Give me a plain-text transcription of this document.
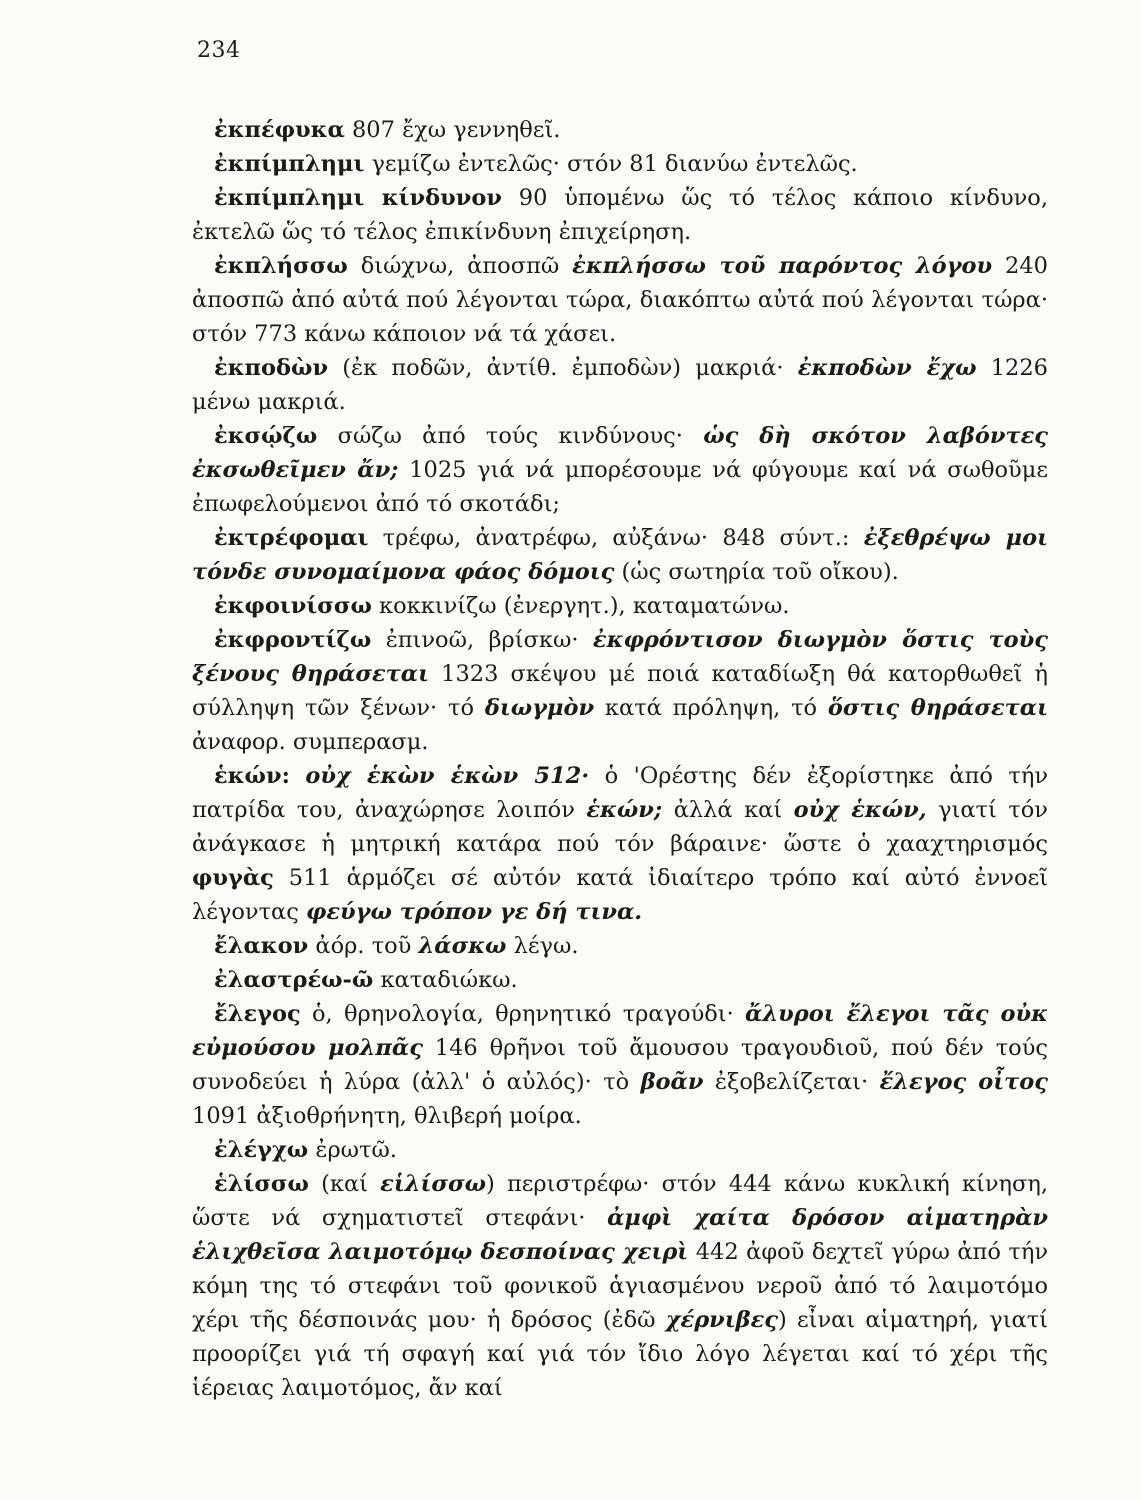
234

ἐκπέφυκα 807 ἔχω γεννηθεῖ.

ἐκπίμπλημι γεμίζω ἐντελῶς· στόν 81 διανύω ἐντελῶς.

ἐκπίμπλημι κίνδυνον 90 ὑπομένω ὥς τό τέλος κάποιο κίνδυνο, ἐκτελῶ ὥς τό τέλος ἐπικίνδυνη ἐπιχείρηση.

ἐκπλήσσω διώχνω, ἀποσπῶ ἐκπλήσσω τοῦ παρόντος λόγου 240 ἀποσπῶ ἀπό αὐτά πού λέγονται τώρα, διακόπτω αὐτά πού λέγονται τώρα· στόν 773 κάνω κάποιον νά τά χάσει.

ἐκποδὼν (ἐκ ποδῶν, ἀντίθ. ἐμποδὼν) μακριά· ἐκποδὼν ἔχω 1226 μένω μακριά.

ἐκσῴζω σώζω ἀπό τούς κινδύνους· ὡς δὴ σκότον λαβόντες ἐκσωθεῖμεν ἄν; 1025 γιά νά μπορέσουμε νά φύγουμε καί νά σωθοῦμε ἐπωφελούμενοι ἀπό τό σκοτάδι;

ἐκτρέφομαι τρέφω, ἀνατρέφω, αὐξάνω· 848 σύντ.: ἐξεθρέψω μοι τόνδε συνομαίμονα φάος δόμοις (ὡς σωτηρία τοῦ οἴκου).

ἐκφοινίσσω κοκκινίζω (ἐνεργητ.), καταματώνω.

ἐκφροντίζω ἐπινοῶ, βρίσκω· ἐκφρόντισον διωγμὸν ὅστις τοὺς ξένους θηράσεται 1323 σκέψου μέ ποιά καταδίωξη θά κατορθωθεῖ ἡ σύλληψη τῶν ξένων· τό διωγμὸν κατά πρόληψη, τό ὅστις θηράσεται ἀναφορ. συμπερασμ.

ἑκών: οὐχ ἑκὼν ἑκὼν 512· ὁ 'Ορέστης δέν ἐξορίστηκε ἀπό τήν πατρίδα του, ἀναχώρησε λοιπόν ἑκών; ἀλλά καί οὐχ ἑκών, γιατί τόν ἀνάγκασε ἡ μητρική κατάρα πού τόν βάραινε· ὥστε ὁ χααχτηρισμός φυγὰς 511 ἁρμόζει σέ αὐτόν κατά ἰδιαίτερο τρόπο καί αὐτό ἐννοεῖ λέγοντας φεύγω τρόπον γε δή τινα.

ἔλακον ἀόρ. τοῦ λάσκω λέγω.

ἐλαστρέω-ῶ καταδιώκω.

ἔλεγος ὁ, θρηνολογία, θρηνητικό τραγούδι· ἄλυροι ἔλεγοι τᾶς οὐκ εὐμούσου μολπᾶς 146 θρῆνοι τοῦ ἄμουσου τραγουδιοῦ, πού δέν τούς συνοδεύει ἡ λύρα (ἀλλ' ὁ αὐλός)· τὸ βοᾶν ἐξοβελίζεται· ἔλεγος οἶτος 1091 ἀξιοθρήνητη, θλιβερή μοίρα.

ἐλέγχω ἐρωτῶ.

ἑλίσσω (καί εἱλίσσω) περιστρέφω· στόν 444 κάνω κυκλική κίνηση, ὥστε νά σχηματιστεῖ στεφάνι· ἀμφὶ χαίτα δρόσον αἱματηρὰν ἑλιχθεῖσα λαιμοτόμῳ δεσποίνας χειρὶ 442 ἀφοῦ δεχτεῖ γύρω ἀπό τήν κόμη της τό στεφάνι τοῦ φονικοῦ ἁγιασμένου νεροῦ ἀπό τό λαιμοτόμο χέρι τῆς δέσποινάς μου· ἡ δρόσος (ἐδῶ χέρνιβες) εἶναι αἱματηρή, γιατί προορίζει γιά τή σφαγή καί γιά τόν ἴδιο λόγο λέγεται καί τό χέρι τῆς ἱέρειας λαιμοτόμος, ἄν καί
